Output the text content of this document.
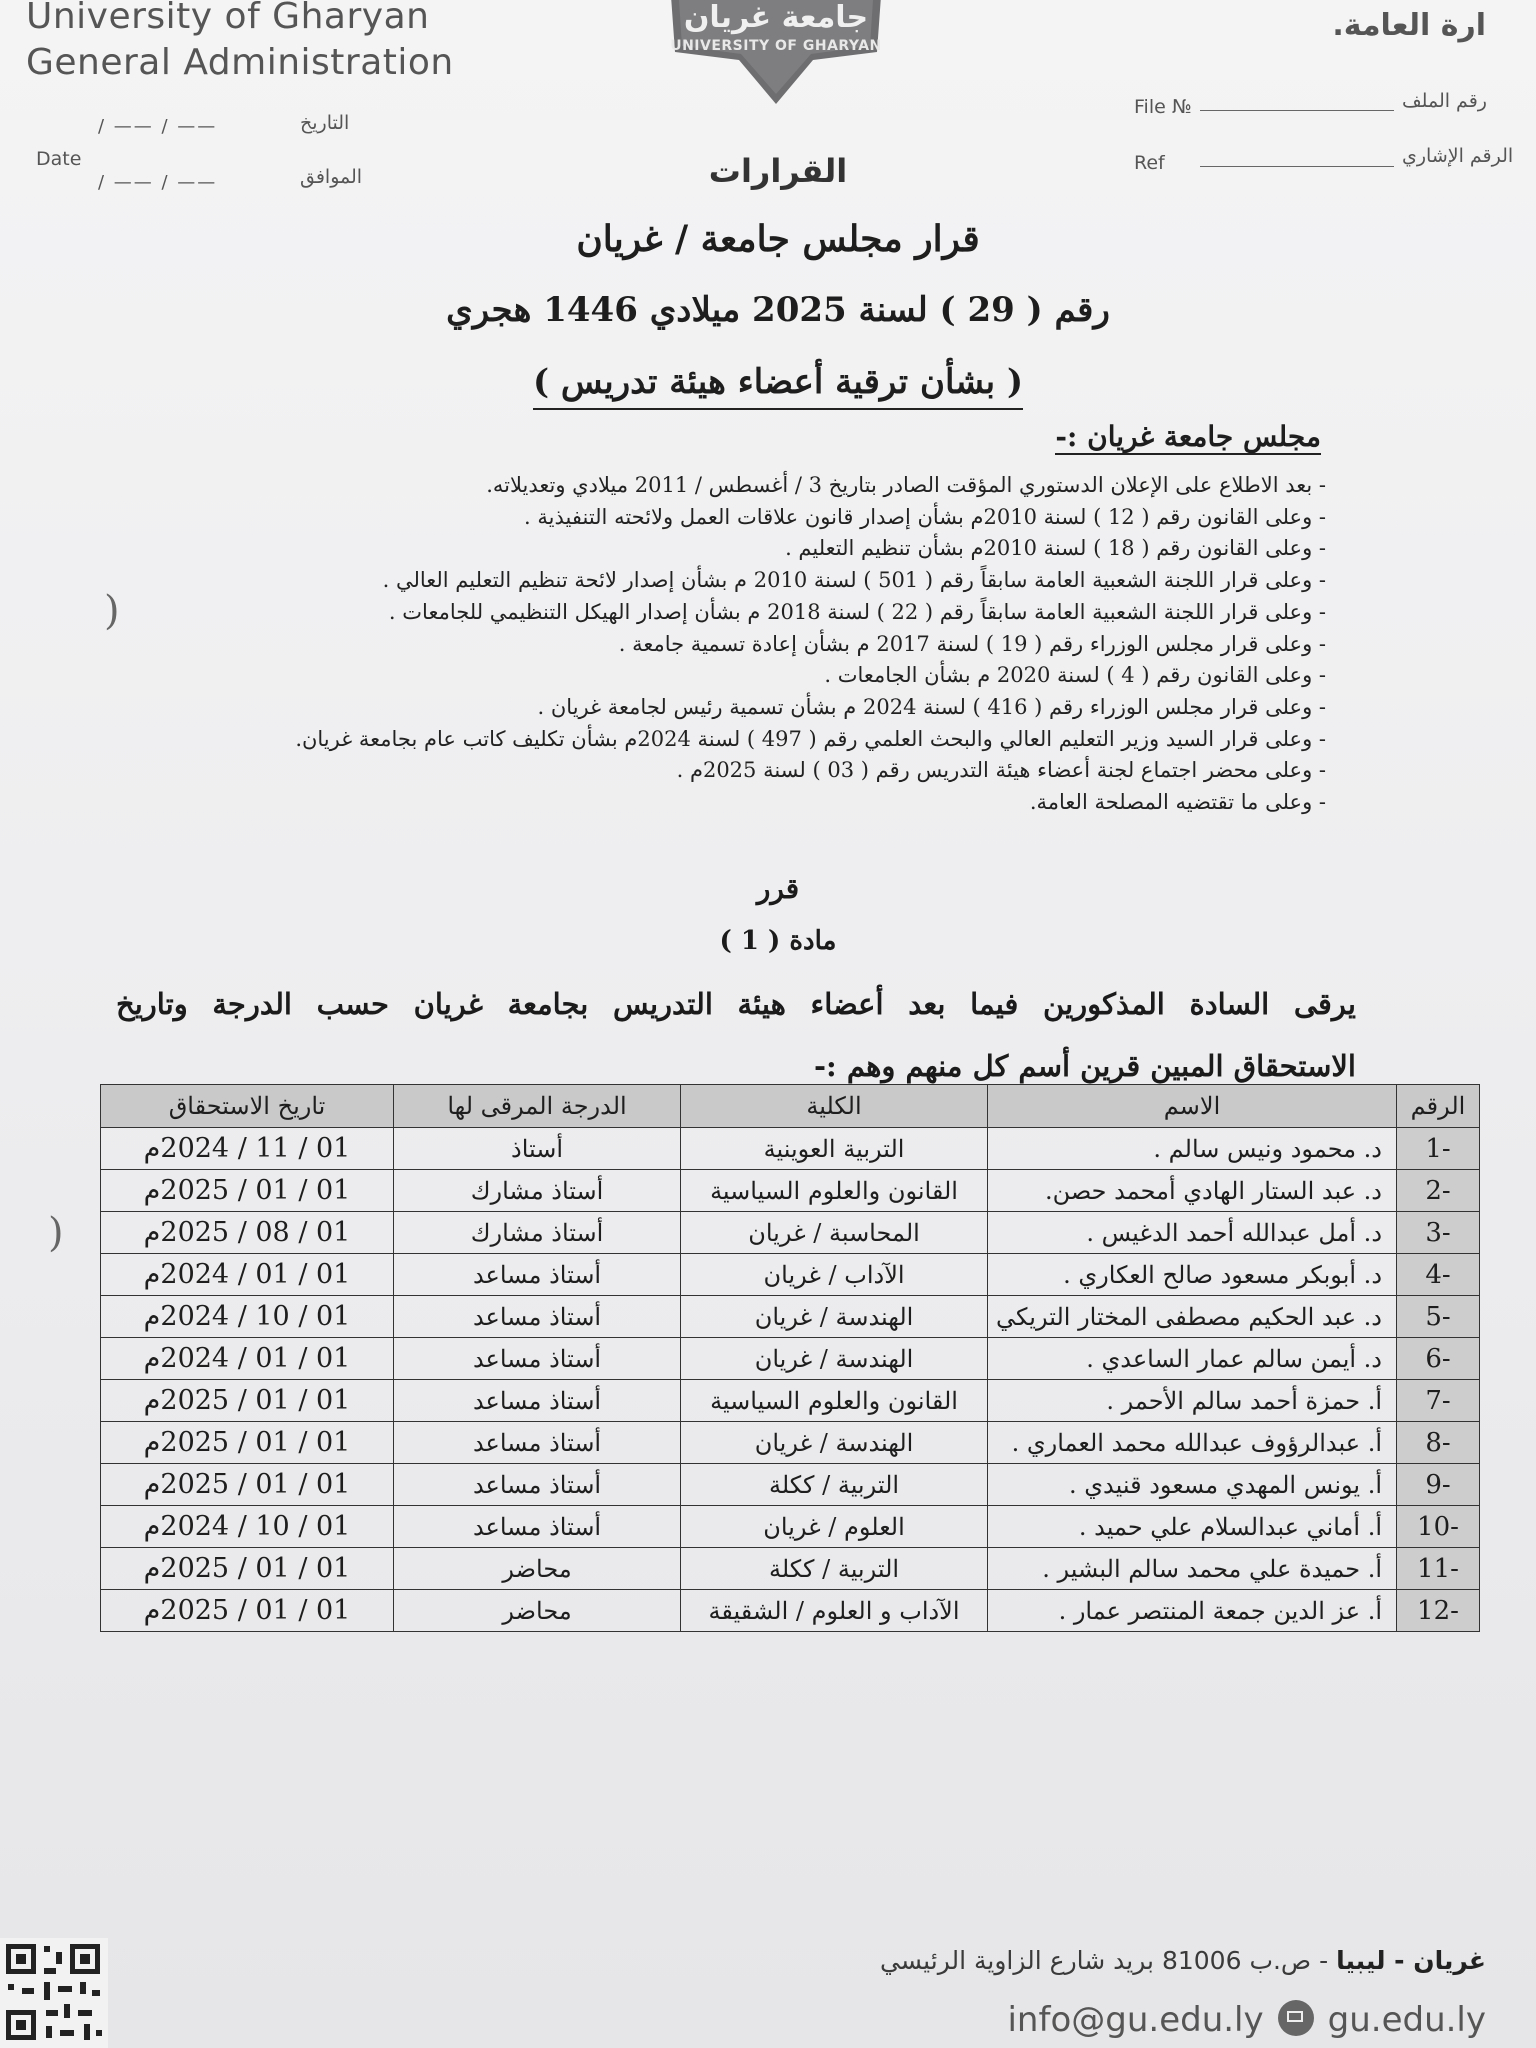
University of Gharyan
General Administration
ارة العامة.
جامعة غريان
UNIVERSITY OF GHARYAN
التاريخ
/ —— / ——
Date
الموافق
/ —— / ——
File №	رقم الملف
Ref	الرقم الإشاري
القرارات
قرار مجلس جامعة / غريان
رقم ( 29 ) لسنة 2025 ميلادي 1446 هجري
( بشأن ترقية أعضاء هيئة تدريس )
مجلس جامعة غريان :-
)
- بعد الاطلاع على الإعلان الدستوري المؤقت الصادر بتاريخ 3 / أغسطس / 2011 ميلادي وتعديلاته.
- وعلى القانون رقم ( 12 ) لسنة 2010م بشأن إصدار قانون علاقات العمل ولائحته التنفيذية .
- وعلى القانون رقم ( 18 ) لسنة 2010م بشأن تنظيم التعليم .
- وعلى قرار اللجنة الشعبية العامة سابقاً رقم ( 501 ) لسنة 2010 م بشأن إصدار لائحة تنظيم التعليم العالي .
- وعلى قرار اللجنة الشعبية العامة سابقاً رقم ( 22 ) لسنة 2018 م بشأن إصدار الهيكل التنظيمي للجامعات .
- وعلى قرار مجلس الوزراء رقم ( 19 ) لسنة 2017 م بشأن إعادة تسمية جامعة .
- وعلى القانون رقم ( 4 ) لسنة 2020 م بشأن الجامعات .
- وعلى قرار مجلس الوزراء رقم ( 416 ) لسنة 2024 م بشأن تسمية رئيس لجامعة غريان .
- وعلى قرار السيد وزير التعليم العالي والبحث العلمي رقم ( 497 ) لسنة 2024م بشأن تكليف كاتب عام بجامعة غريان.
- وعلى محضر اجتماع لجنة أعضاء هيئة التدريس رقم ( 03 ) لسنة 2025م .
- وعلى ما تقتضيه المصلحة العامة.
قرر
مادة ( 1 )
يرقى السادة المذكورين فيما بعد أعضاء هيئة التدريس بجامعة غريان حسب الدرجة وتاريخ
الاستحقاق المبين قرين أسم كل منهم وهم :-
)
الرقم	الاسم	الكلية	الدرجة المرقى لها	تاريخ الاستحقاق
-1	د. محمود ونيس سالم .	التربية العوينية	أستاذ	01 / 11 / 2024م
-2	د. عبد الستار الهادي أمحمد حصن.	القانون والعلوم السياسية	أستاذ مشارك	01 / 01 / 2025م
-3	د. أمل عبدالله أحمد الدغيس .	المحاسبة / غريان	أستاذ مشارك	01 / 08 / 2025م
-4	د. أبوبكر مسعود صالح العكاري .	الآداب / غريان	أستاذ مساعد	01 / 01 / 2024م
-5	د. عبد الحكيم مصطفى المختار التريكي	الهندسة / غريان	أستاذ مساعد	01 / 10 / 2024م
-6	د. أيمن سالم عمار الساعدي .	الهندسة / غريان	أستاذ مساعد	01 / 01 / 2024م
-7	أ. حمزة أحمد سالم الأحمر .	القانون والعلوم السياسية	أستاذ مساعد	01 / 01 / 2025م
-8	أ. عبدالرؤوف عبدالله محمد العماري .	الهندسة / غريان	أستاذ مساعد	01 / 01 / 2025م
-9	أ. يونس المهدي مسعود قنيدي .	التربية / ككلة	أستاذ مساعد	01 / 01 / 2025م
-10	أ. أماني عبدالسلام علي حميد .	العلوم / غريان	أستاذ مساعد	01 / 10 / 2024م
-11	أ. حميدة علي محمد سالم البشير .	التربية / ككلة	محاضر	01 / 01 / 2025م
-12	أ. عز الدين جمعة المنتصر عمار .	الآداب و العلوم / الشقيقة	محاضر	01 / 01 / 2025م
غريان - ليبيا - ص.ب 81006 بريد شارع الزاوية الرئيسي
info@gu.edu.ly gu.edu.ly
